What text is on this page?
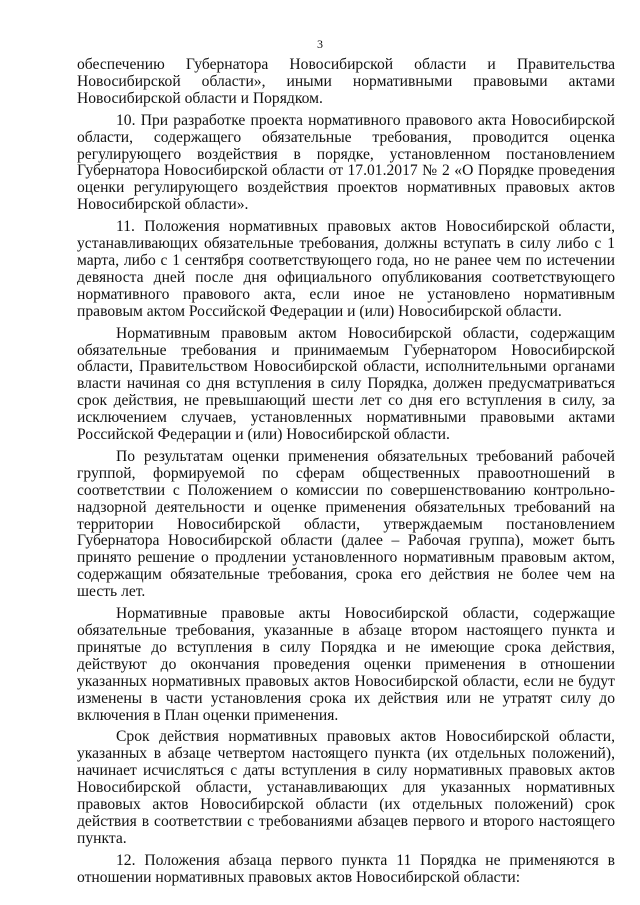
3

обеспечению Губернатора Новосибирской области и Правительства Новосибирской области», иными нормативными правовыми актами Новосибирской области и Порядком.

10. При разработке проекта нормативного правового акта Новосибирской области, содержащего обязательные требования, проводится оценка регулирующего воздействия в порядке, установленном постановлением Губернатора Новосибирской области от 17.01.2017 № 2 «О Порядке проведения оценки регулирующего воздействия проектов нормативных правовых актов Новосибирской области».

11. Положения нормативных правовых актов Новосибирской области, устанавливающих обязательные требования, должны вступать в силу либо с 1 марта, либо с 1 сентября соответствующего года, но не ранее чем по истечении девяноста дней после дня официального опубликования соответствующего нормативного правового акта, если иное не установлено нормативным правовым актом Российской Федерации и (или) Новосибирской области.

Нормативным правовым актом Новосибирской области, содержащим обязательные требования и принимаемым Губернатором Новосибирской области, Правительством Новосибирской области, исполнительными органами власти начиная со дня вступления в силу Порядка, должен предусматриваться срок действия, не превышающий шести лет со дня его вступления в силу, за исключением случаев, установленных нормативными правовыми актами Российской Федерации и (или) Новосибирской области.

По результатам оценки применения обязательных требований рабочей группой, формируемой по сферам общественных правоотношений в соответствии с Положением о комиссии по совершенствованию контрольно-надзорной деятельности и оценке применения обязательных требований на территории Новосибирской области, утверждаемым постановлением Губернатора Новосибирской области (далее – Рабочая группа), может быть принято решение о продлении установленного нормативным правовым актом, содержащим обязательные требования, срока его действия не более чем на шесть лет.

Нормативные правовые акты Новосибирской области, содержащие обязательные требования, указанные в абзаце втором настоящего пункта и принятые до вступления в силу Порядка и не имеющие срока действия, действуют до окончания проведения оценки применения в отношении указанных нормативных правовых актов Новосибирской области, если не будут изменены в части установления срока их действия или не утратят силу до включения в План оценки применения.

Срок действия нормативных правовых актов Новосибирской области, указанных в абзаце четвертом настоящего пункта (их отдельных положений), начинает исчисляться с даты вступления в силу нормативных правовых актов Новосибирской области, устанавливающих для указанных нормативных правовых актов Новосибирской области (их отдельных положений) срок действия в соответствии с требованиями абзацев первого и второго настоящего пункта.

12. Положения абзаца первого пункта 11 Порядка не применяются в отношении нормативных правовых актов Новосибирской области:
